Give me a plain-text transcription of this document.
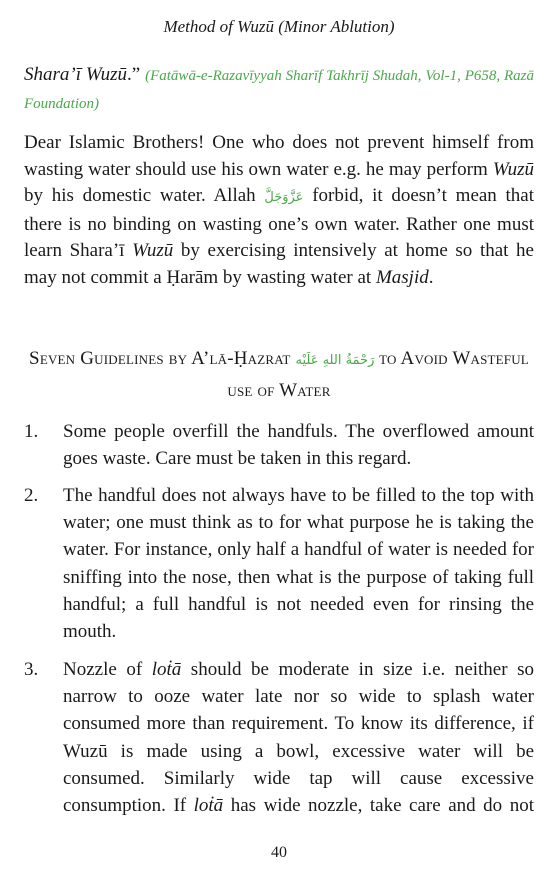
Method of Wuzū (Minor Ablution)

Shara’ī Wuzū.” (Fatāwā-e-Razavīyyah Sharīf Takhrīj Shudah, Vol-1, P658, Razā Foundation)

Dear Islamic Brothers! One who does not prevent himself from wasting water should use his own water e.g. he may perform Wuzū by his domestic water. Allah عَزَّوَجَلَّ forbid, it doesn’t mean that there is no binding on wasting one’s own water. Rather one must learn Shara’ī Wuzū by exercising intensively at home so that he may not commit a Ḥarām by wasting water at Masjid.

Seven Guidelines by A’lā-Ḥazrat رَحْمَةُ اللهِ عَلَيْه to Avoid Wasteful use of Water
1.	Some people overfill the handfuls. The overflowed amount goes waste. Care must be taken in this regard.
2.	The handful does not always have to be filled to the top with water; one must think as to for what purpose he is taking the water. For instance, only half a handful of water is needed for sniffing into the nose, then what is the purpose of taking full handful; a full handful is not needed even for rinsing the mouth.
3.	Nozzle of loṫā should be moderate in size i.e. neither so narrow to ooze water late nor so wide to splash water consumed more than requirement. To know its difference, if Wuzū is made using a bowl, excessive water will be consumed. Similarly wide tap will cause excessive consumption. If loṫā has wide nozzle, take care and do not
40
